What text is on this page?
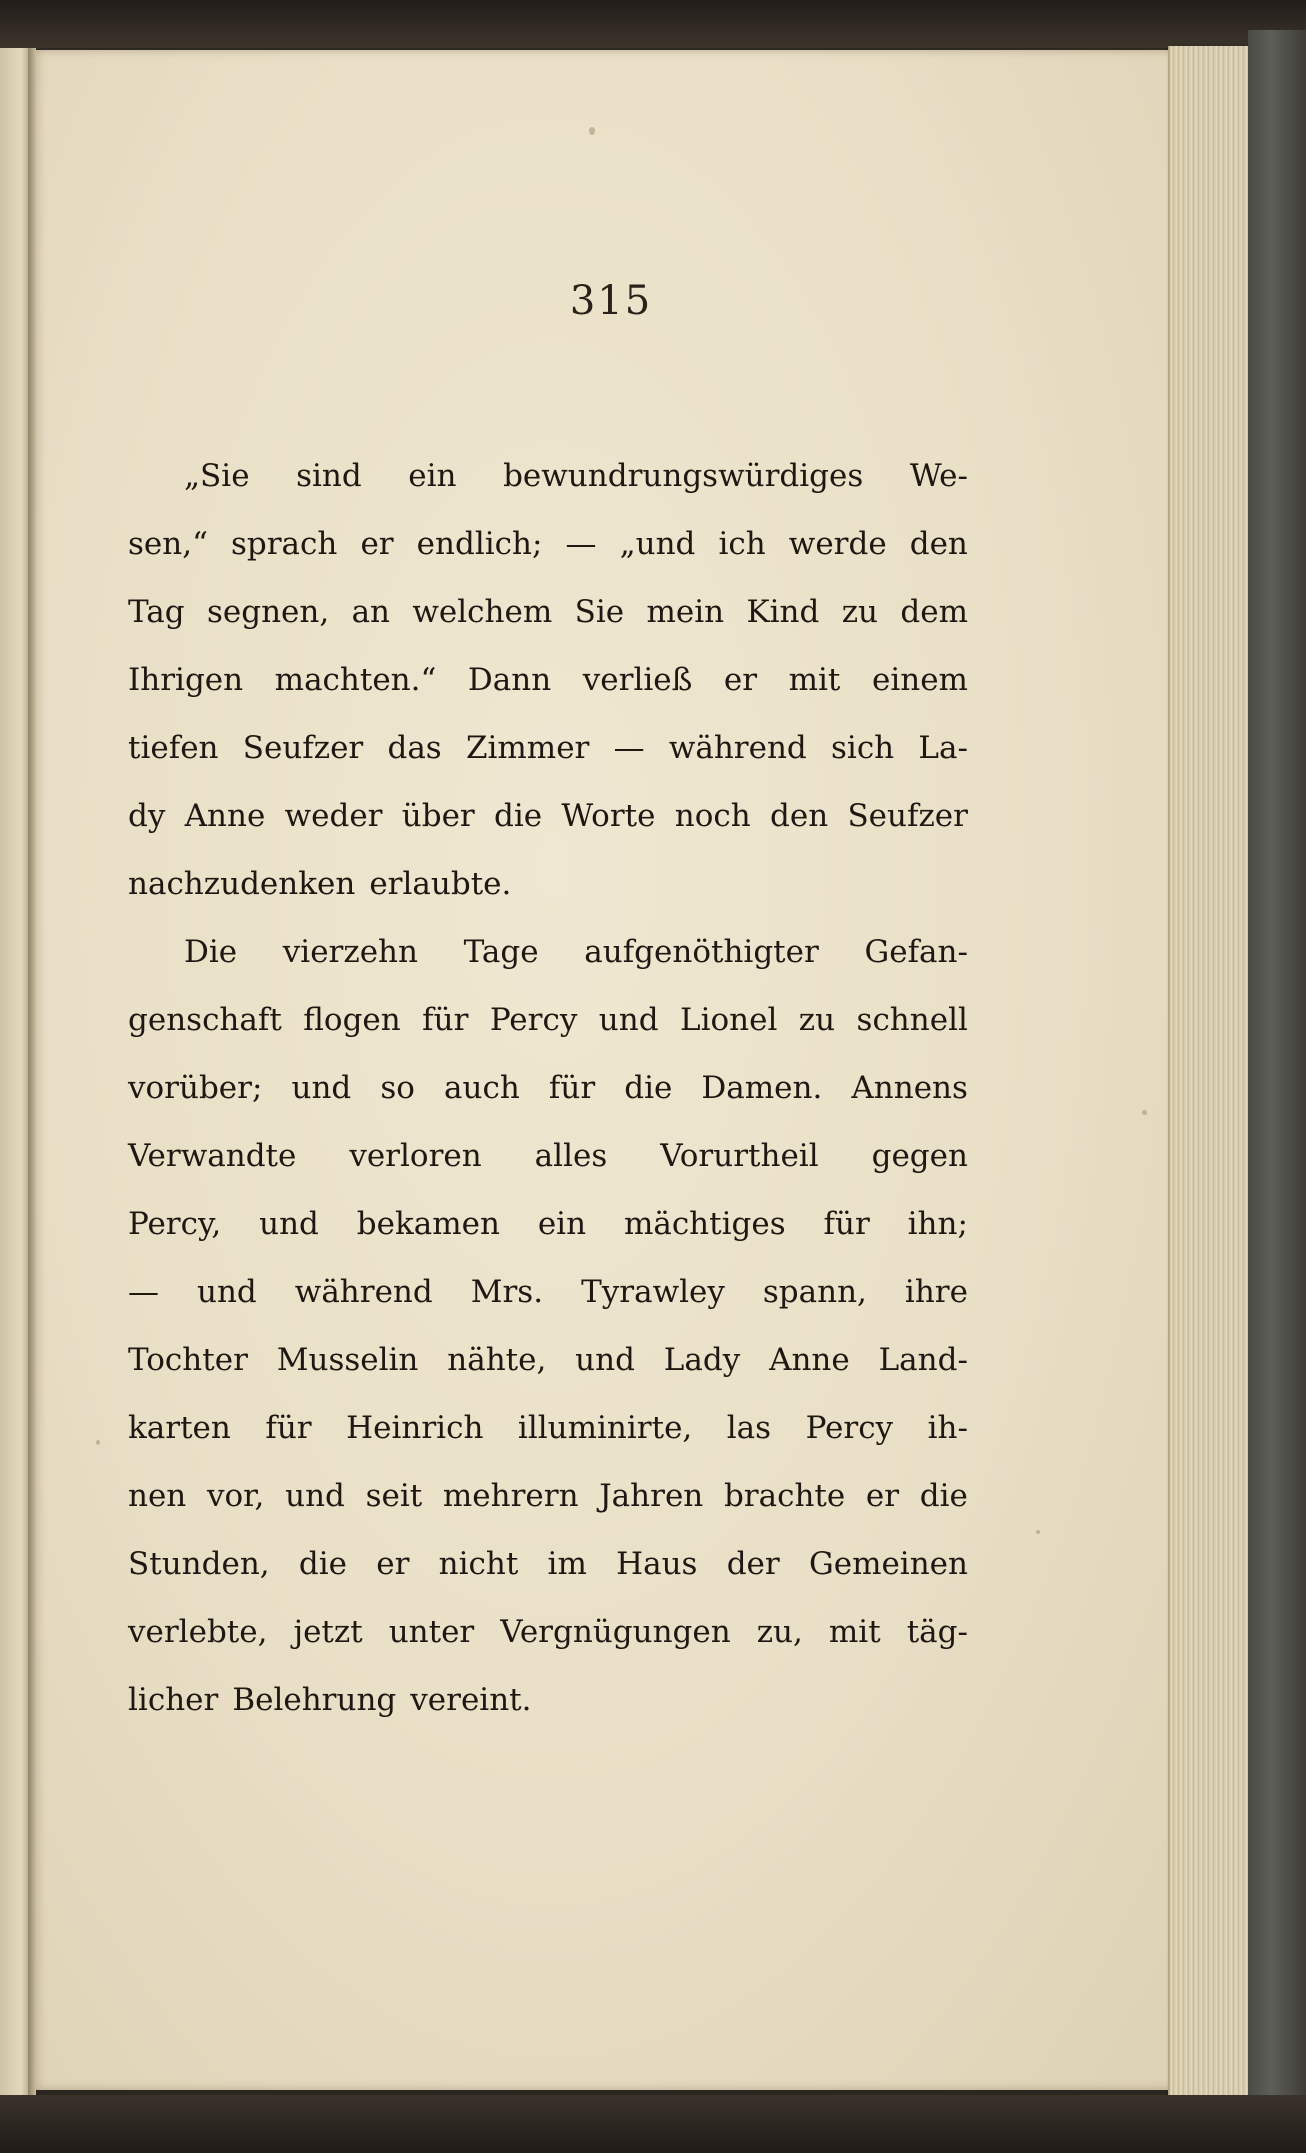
315
„Sie sind ein bewundrungswürdiges We-
sen,“ sprach er endlich; — „und ich werde den
Tag segnen, an welchem Sie mein Kind zu dem
Ihrigen machten.“ Dann verließ er mit einem
tiefen Seufzer das Zimmer — während sich La-
dy Anne weder über die Worte noch den Seufzer
nachzudenken erlaubte.
Die vierzehn Tage aufgenöthigter Gefan-
genschaft flogen für Percy und Lionel zu schnell
vorüber; und so auch für die Damen. Annens
Verwandte verloren alles Vorurtheil gegen
Percy, und bekamen ein mächtiges für ihn;
— und während Mrs. Tyrawley spann, ihre
Tochter Musselin nähte, und Lady Anne Land-
karten für Heinrich illuminirte, las Percy ih-
nen vor, und seit mehrern Jahren brachte er die
Stunden, die er nicht im Haus der Gemeinen
verlebte, jetzt unter Vergnügungen zu, mit täg-
licher Belehrung vereint.
